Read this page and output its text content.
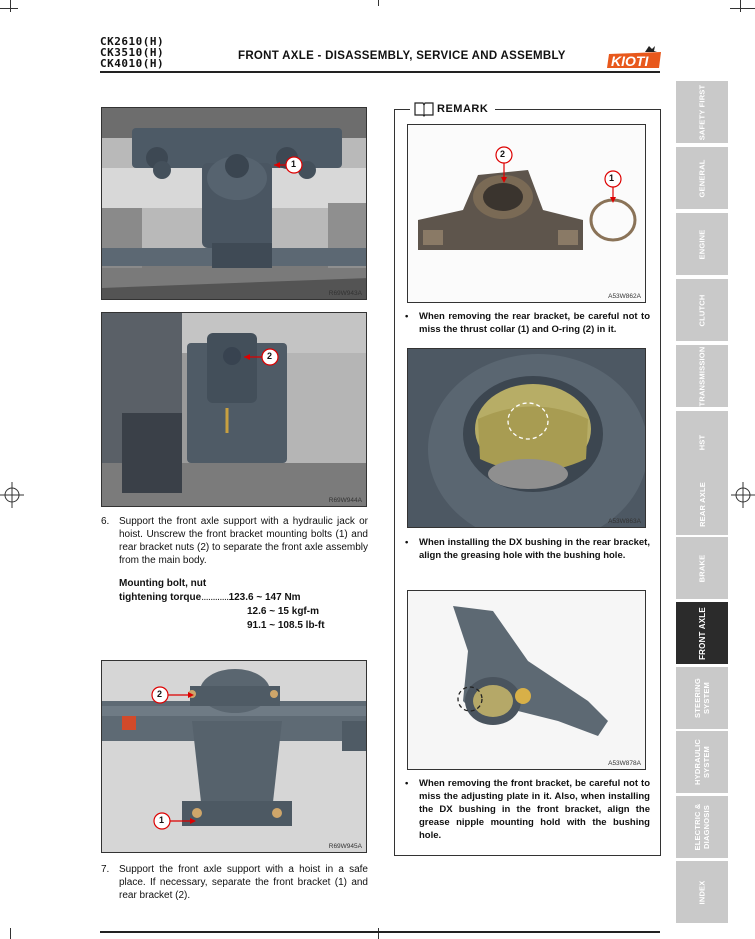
CK2610(H)
CK3510(H)
CK4010(H)
FRONT AXLE - DISASSEMBLY, SERVICE AND ASSEMBLY	KIOTI
1
R69W943A
2
R69W944A
6. Support the front axle support with a hydraulic jack or hoist. Unscrew the front bracket mounting bolts (1) and rear bracket nuts (2) to separate the front axle assembly from the main body.
Mounting bolt, nut
tightening torque ............ 123.6 ~ 147 Nm
12.6 ~ 15 kgf-m
91.1 ~ 108.5 lb-ft
2
1
R69W945A
7. Support the front axle support with a hoist in a safe place. If necessary, separate the front bracket (1) and rear bracket (2).
REMARK
2
1
A53W862A
•	When removing the rear bracket, be careful not to miss the thrust collar (1) and O-ring (2) in it.
A53W863A
•	When installing the DX bushing in the rear bracket, align the greasing hole with the bushing hole.
A53W878A
•	When removing the front bracket, be careful not to miss the adjusting plate in it. Also, when installing the DX bushing in the front bracket, align the grease nipple mounting hold with the bushing hole.
SAFETY FIRST
GENERAL
ENGINE
CLUTCH
TRANSMISSION
HST
REAR AXLE
BRAKE
FRONT AXLE
STEERING SYSTEM
HYDRAULIC SYSTEM
ELECTRIC & DIAGNOSIS
INDEX
